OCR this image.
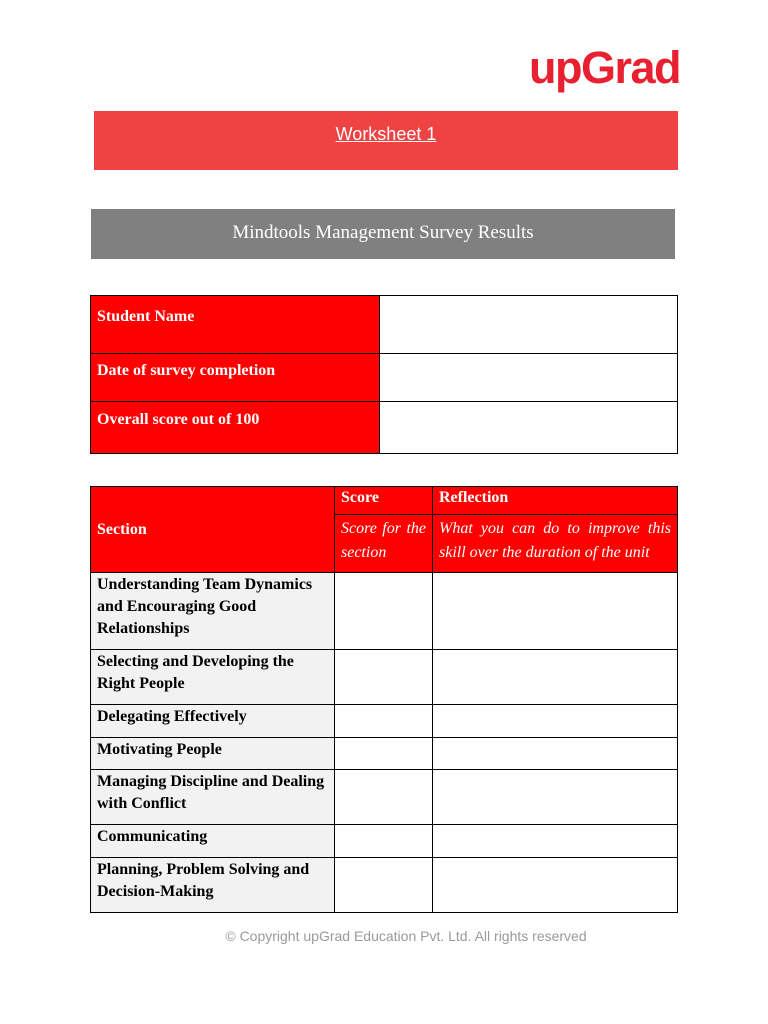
upGrad
Worksheet 1
Mindtools Management Survey Results
Student Name	
Date of survey completion	
Overall score out of 100	
Section	Score	Reflection
	Score for the section	What you can do to improve this skill over the duration of the unit
Understanding Team Dynamics and Encouraging Good Relationships		
Selecting and Developing the Right People		
Delegating Effectively		
Motivating People		
Managing Discipline and Dealing with Conflict		
Communicating		
Planning, Problem Solving and Decision-Making		
© Copyright upGrad Education Pvt. Ltd. All rights reserved
